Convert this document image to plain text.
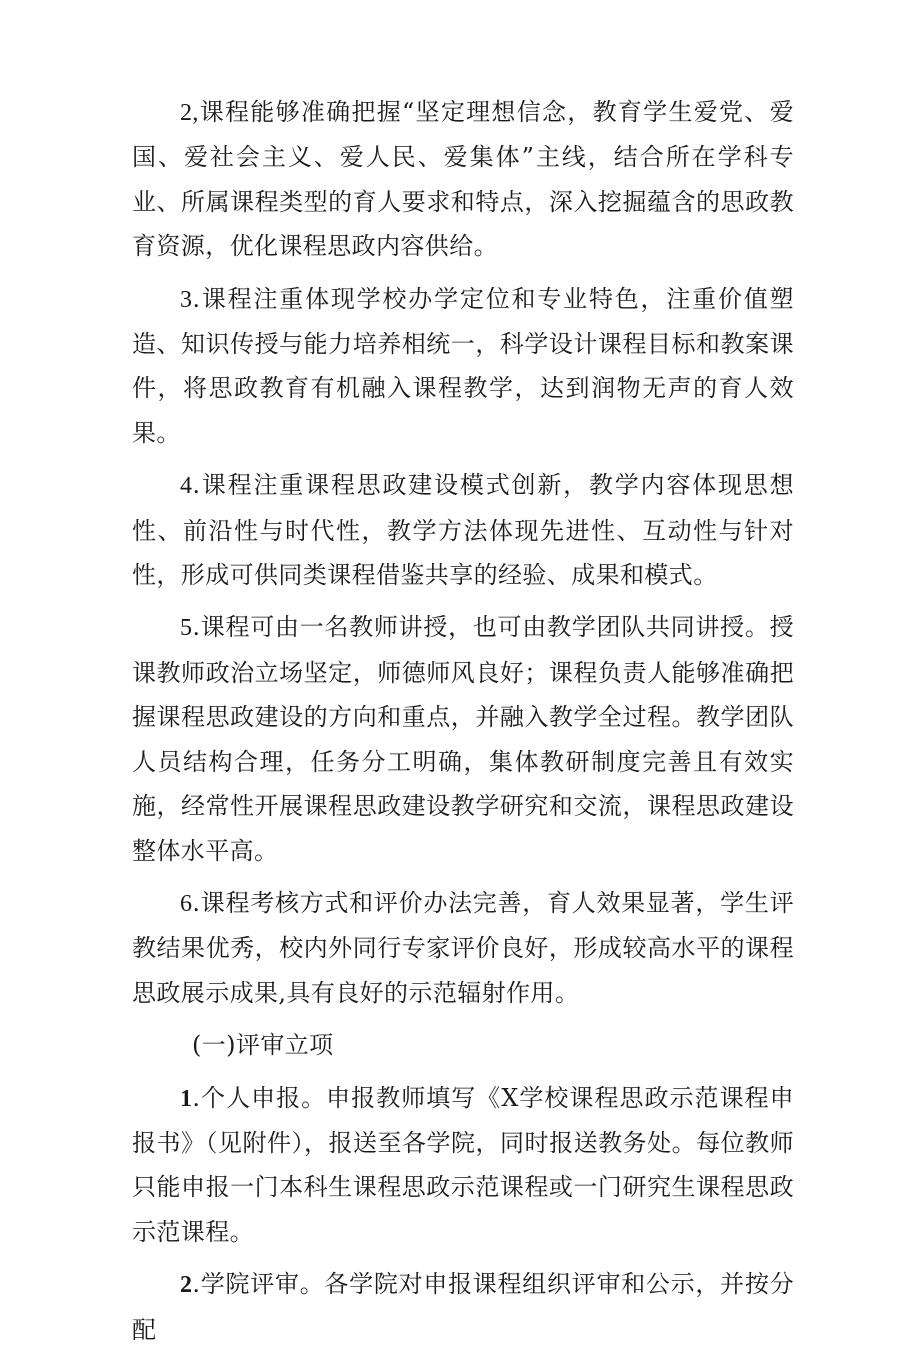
2,课程能够准确把握“坚定理想信念，教育学生爱党、爱国、爱社会主义、爱人民、爱集体”主线，结合所在学科专业、所属课程类型的育人要求和特点，深入挖掘蕴含的思政教育资源，优化课程思政内容供给。

3.课程注重体现学校办学定位和专业特色，注重价值塑造、知识传授与能力培养相统一，科学设计课程目标和教案课件，将思政教育有机融入课程教学，达到润物无声的育人效果。

4.课程注重课程思政建设模式创新，教学内容体现思想性、前沿性与时代性，教学方法体现先进性、互动性与针对性，形成可供同类课程借鉴共享的经验、成果和模式。

5.课程可由一名教师讲授，也可由教学团队共同讲授。授课教师政治立场坚定，师德师风良好；课程负责人能够准确把握课程思政建设的方向和重点，并融入教学全过程。教学团队人员结构合理，任务分工明确，集体教研制度完善且有效实施，经常性开展课程思政建设教学研究和交流，课程思政建设整体水平高。

6.课程考核方式和评价办法完善，育人效果显著，学生评教结果优秀，校内外同行专家评价良好，形成较高水平的课程思政展示成果,具有良好的示范辐射作用。

(一)评审立项

1.个人申报。申报教师填写《X学校课程思政示范课程申报书》（见附件），报送至各学院，同时报送教务处。每位教师只能申报一门本科生课程思政示范课程或一门研究生课程思政示范课程。

2.学院评审。各学院对申报课程组织评审和公示，并按分配
